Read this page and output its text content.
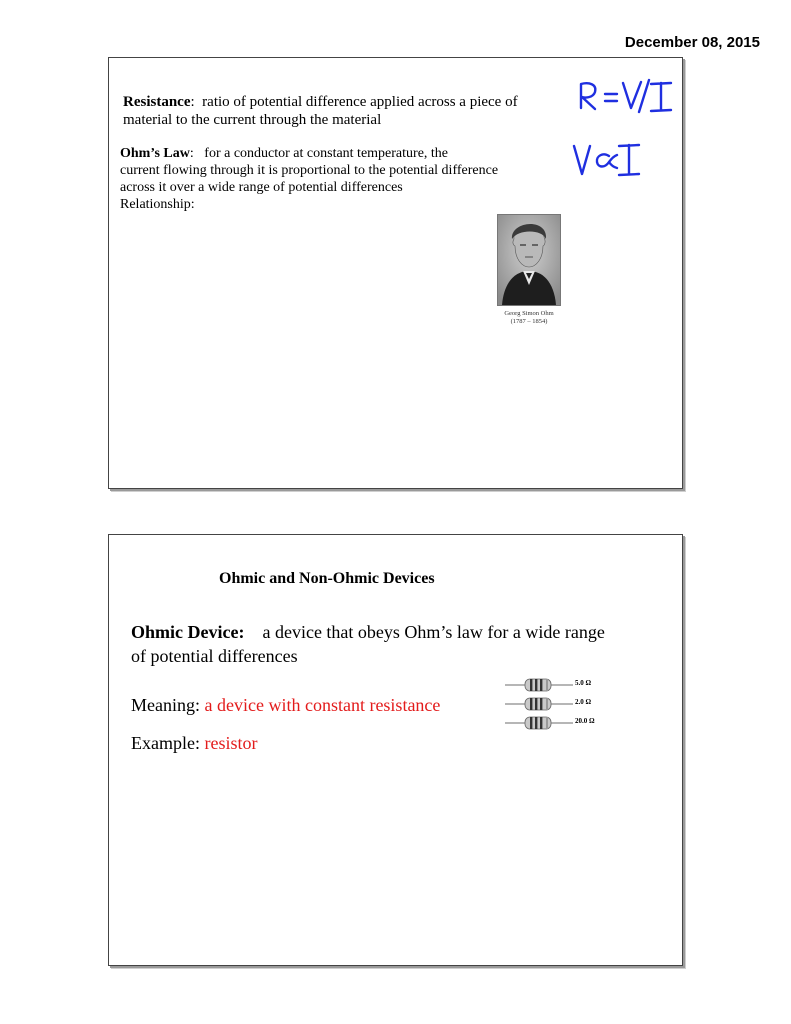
December 08, 2015
Resistance: ratio of potential difference applied across a piece of
material to the current through the material
Ohm’s Law: for a conductor at constant temperature, the
current flowing through it is proportional to the potential difference
across it over a wide range of potential differences
Relationship:
Georg Simon Ohm
(1787 – 1854)
Ohmic and Non-Ohmic Devices
Ohmic Device: a device that obeys Ohm’s law for a wide range
of potential differences
Meaning: a device with constant resistance
Example: resistor
5.0 Ω
2.0 Ω
20.0 Ω
